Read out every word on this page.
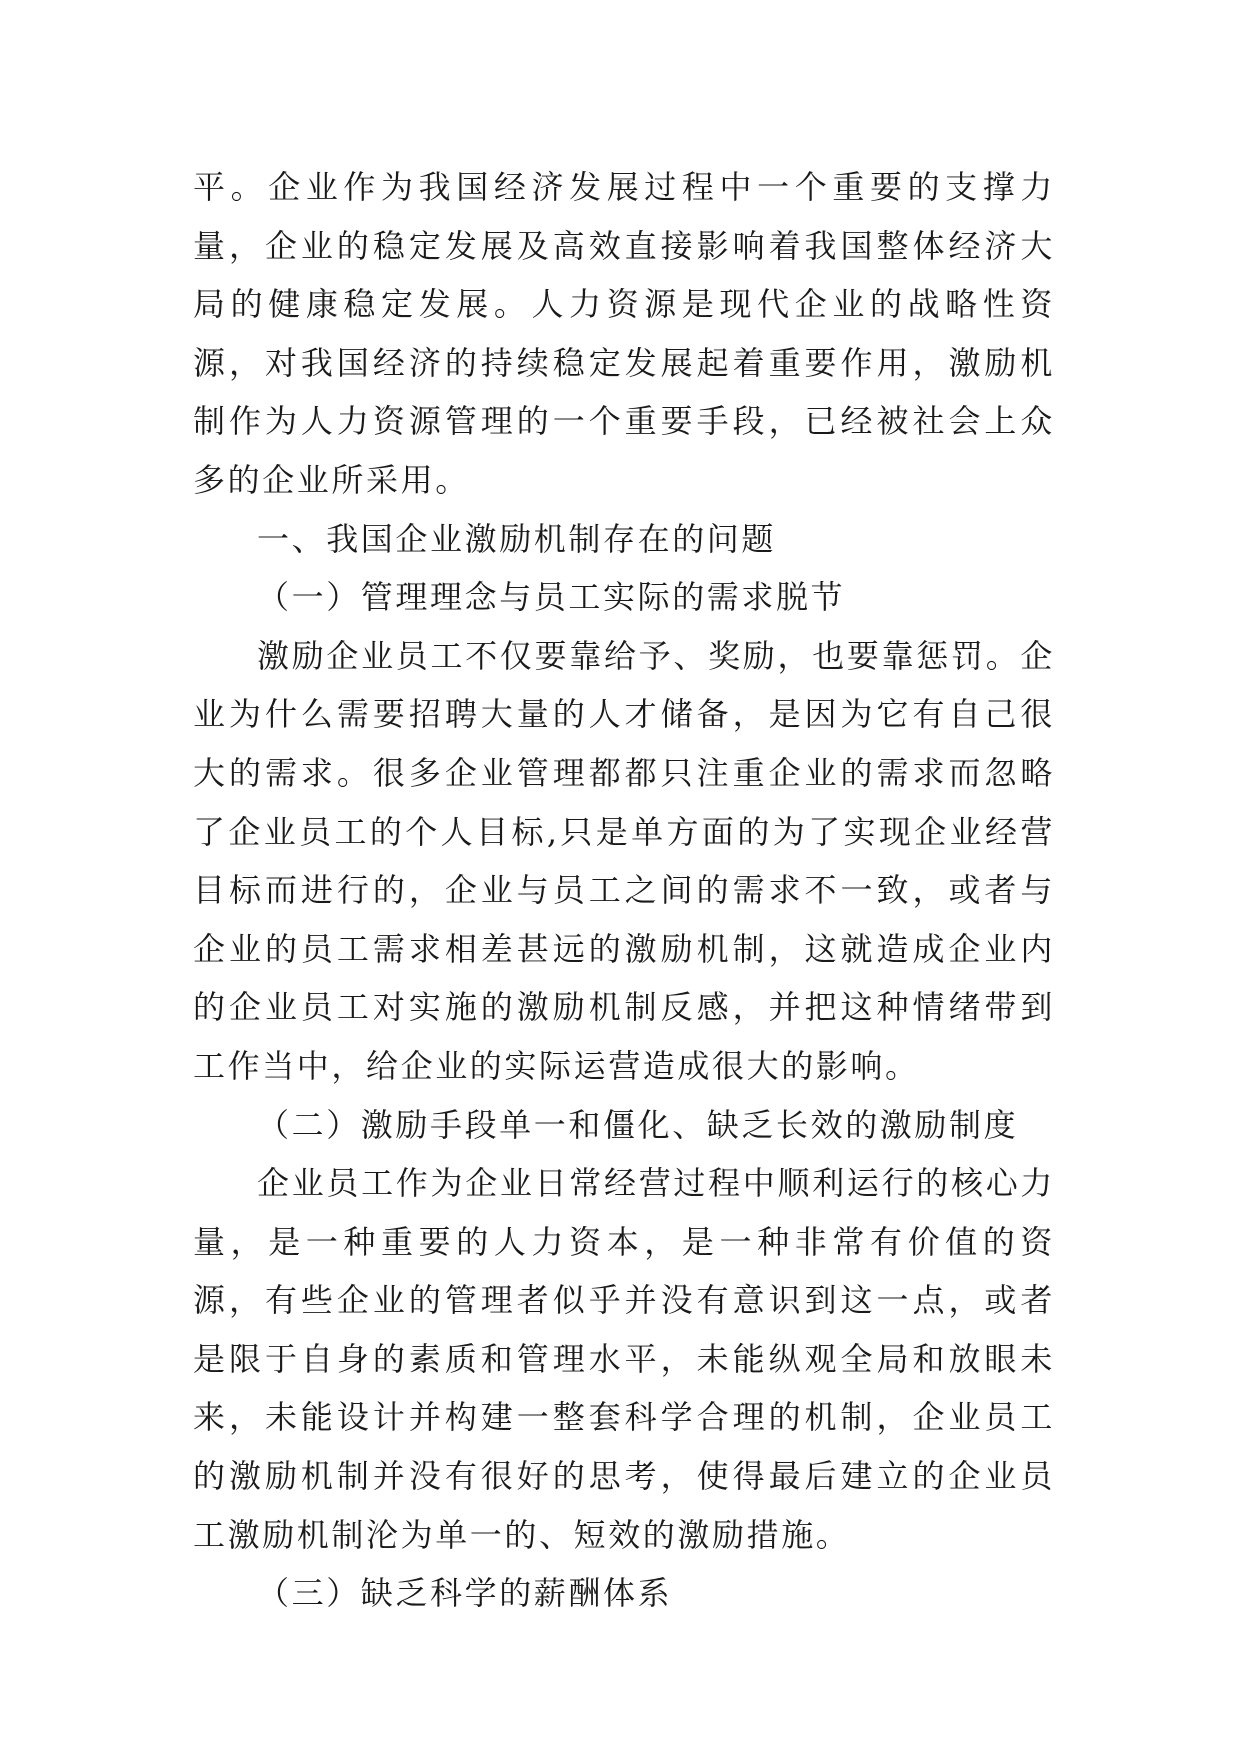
平。企业作为我国经济发展过程中一个重要的支撑力量，企业的稳定发展及高效直接影响着我国整体经济大局的健康稳定发展。人力资源是现代企业的战略性资源，对我国经济的持续稳定发展起着重要作用，激励机制作为人力资源管理的一个重要手段，已经被社会上众多的企业所采用。

一、我国企业激励机制存在的问题

（一）管理理念与员工实际的需求脱节

激励企业员工不仅要靠给予、奖励，也要靠惩罚。企业为什么需要招聘大量的人才储备，是因为它有自己很大的需求。很多企业管理都都只注重企业的需求而忽略了企业员工的个人目标,只是单方面的为了实现企业经营目标而进行的，企业与员工之间的需求不一致，或者与企业的员工需求相差甚远的激励机制，这就造成企业内的企业员工对实施的激励机制反感，并把这种情绪带到工作当中，给企业的实际运营造成很大的影响。

（二）激励手段单一和僵化、缺乏长效的激励制度

企业员工作为企业日常经营过程中顺利运行的核心力量，是一种重要的人力资本，是一种非常有价值的资源，有些企业的管理者似乎并没有意识到这一点，或者是限于自身的素质和管理水平，未能纵观全局和放眼未来，未能设计并构建一整套科学合理的机制，企业员工的激励机制并没有很好的思考，使得最后建立的企业员工激励机制沦为单一的、短效的激励措施。

（三）缺乏科学的薪酬体系
